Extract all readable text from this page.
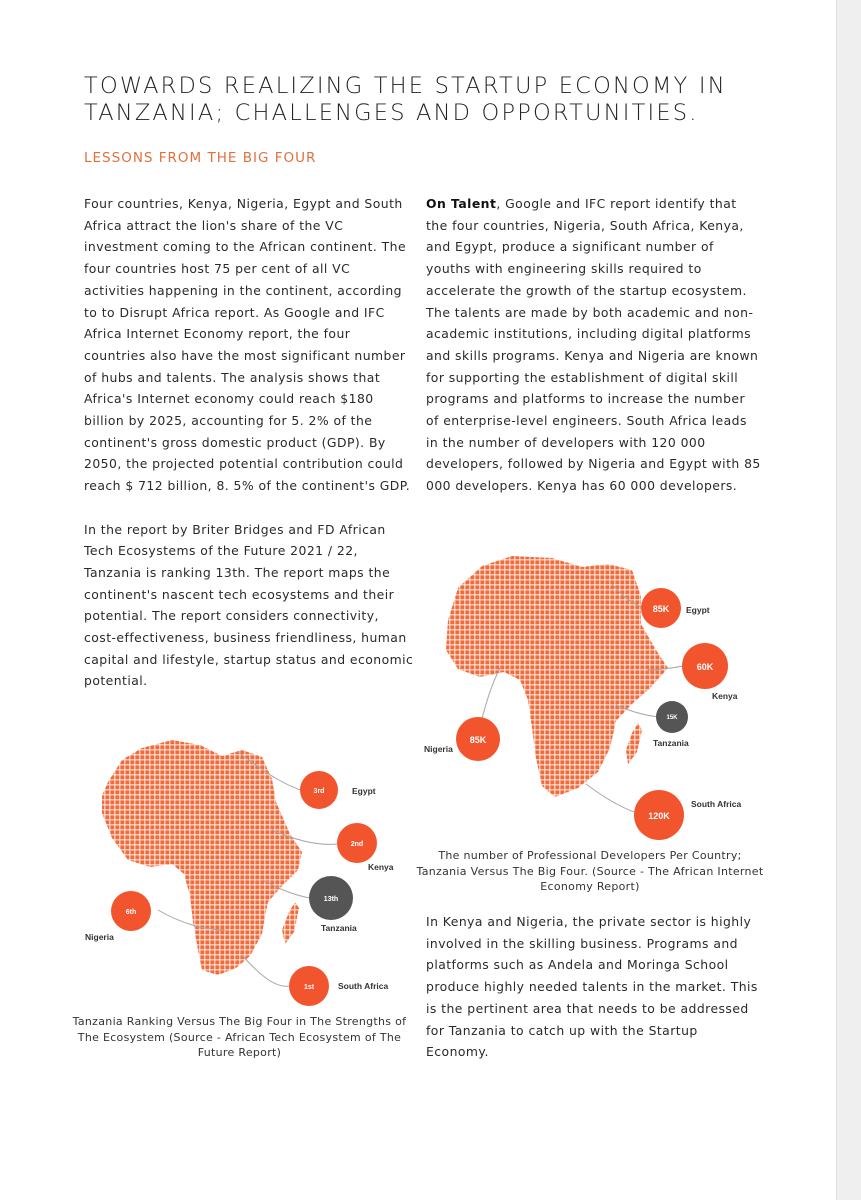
TOWARDS REALIZING THE STARTUP ECONOMY IN
TANZANIA; CHALLENGES AND OPPORTUNITIES.
LESSONS FROM THE BIG FOUR

Four countries, Kenya, Nigeria, Egypt and South Africa attract the lion's share of the VC investment coming to the African continent. The four countries host 75 per cent of all VC activities happening in the continent, according to to Disrupt Africa report. As Google and IFC Africa Internet Economy report, the four countries also have the most significant number of hubs and talents. The analysis shows that Africa's Internet economy could reach $180 billion by 2025, accounting for 5. 2% of the continent's gross domestic product (GDP). By 2050, the projected potential contribution could reach $ 712 billion, 8. 5% of the continent's GDP.

In the report by Briter Bridges and FD African Tech Ecosystems of the Future 2021 / 22, Tanzania is ranking 13th. The report maps the continent's nascent tech ecosystems and their potential. The report considers connectivity, cost-effectiveness, business friendliness, human capital and lifestyle, startup status and economic potential.

On Talent, Google and IFC report identify that the four countries, Nigeria, South Africa, Kenya, and Egypt, produce a significant number of youths with engineering skills required to accelerate the growth of the startup ecosystem. The talents are made by both academic and non-academic institutions, including digital platforms and skills programs. Kenya and Nigeria are known for supporting the establishment of digital skill programs and platforms to increase the number of enterprise-level engineers. South Africa leads in the number of developers with 120 000 developers, followed by Nigeria and Egypt with 85 000 developers. Kenya has 60 000 developers.

In Kenya and Nigeria, the private sector is highly involved in the skilling business. Programs and platforms such as Andela and Moringa School produce highly needed talents in the market. This is the pertinent area that needs to be addressed for Tanzania to catch up with the Startup Economy.

3rd	Egypt
2nd
Kenya
13th
Tanzania
6th
Nigeria
1st	South Africa
85K Egypt
60K
Kenya
15K
Tanzania
85K
Nigeria
120K
South Africa
Tanzania Ranking Versus The Big Four in The Strengths of The Ecosystem (Source - African Tech Ecosystem of The Future Report)
The number of Professional Developers Per Country; Tanzania Versus The Big Four. (Source - The African Internet Economy Report)
